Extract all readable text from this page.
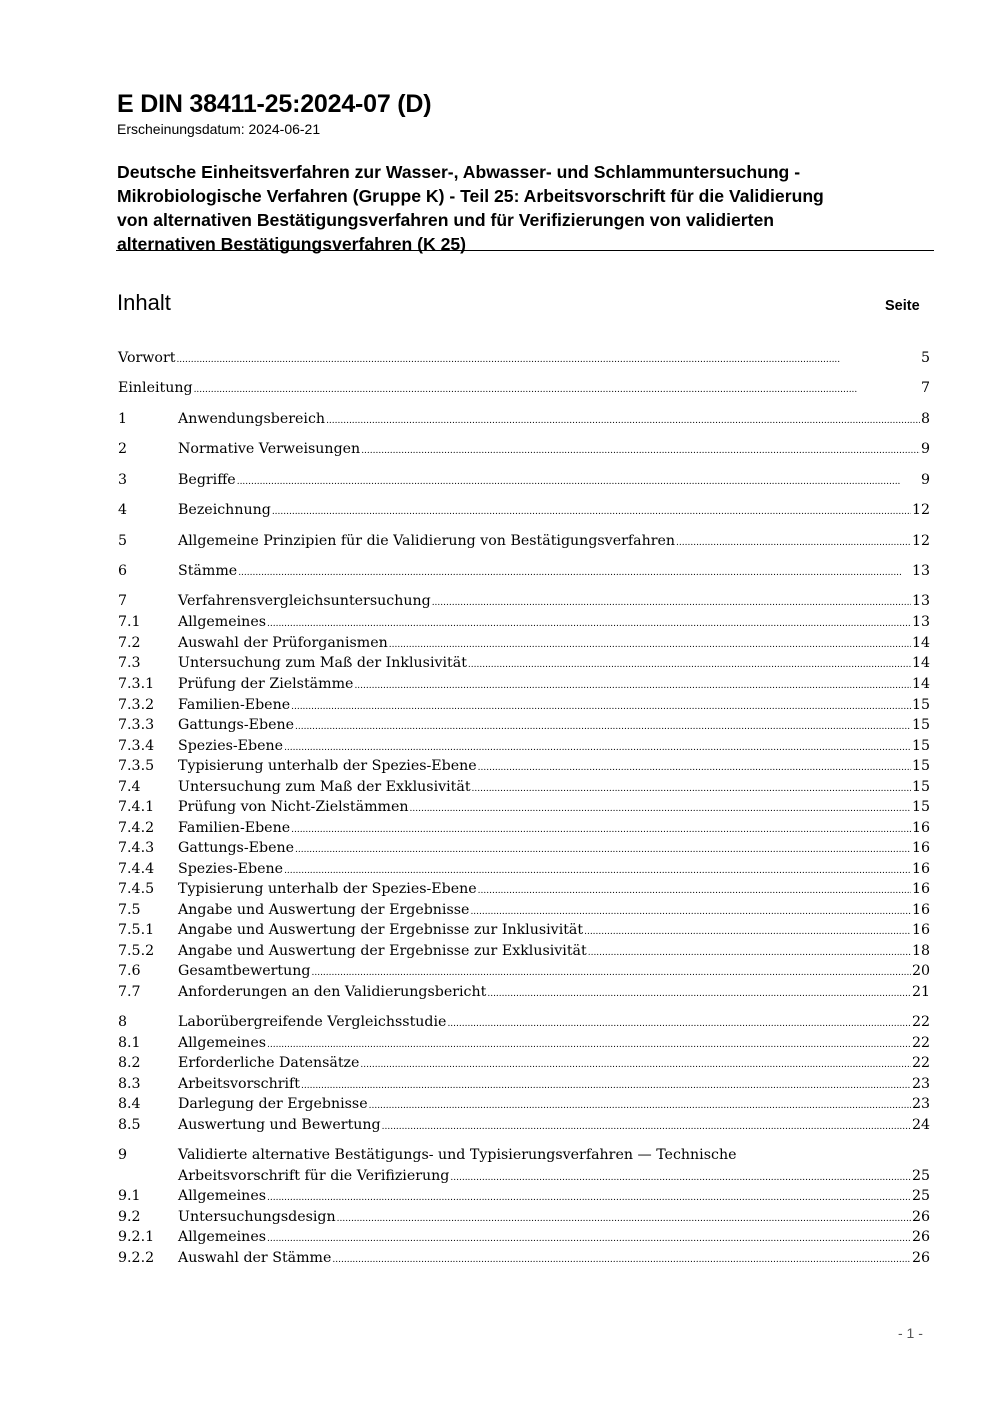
E DIN 38411-25:2024-07 (D)
Erscheinungsdatum: 2024-06-21
Deutsche Einheitsverfahren zur Wasser-, Abwasser- und Schlammuntersuchung -
Mikrobiologische Verfahren (Gruppe K) - Teil 25: Arbeitsvorschrift für die Validierung
von alternativen Bestätigungsverfahren und für Verifizierungen von validierten
alternativen Bestätigungsverfahren (K 25)
Inhalt	Seite
Vorwort .....	5
Einleitung .....	7
1	Anwendungsbereich .....	8
2	Normative Verweisungen .....	9
3	Begriffe .....	9
4	Bezeichnung .....	12
5	Allgemeine Prinzipien für die Validierung von Bestätigungsverfahren .....	12
6	Stämme .....	13
7	Verfahrensvergleichsuntersuchung .....	13
7.1	Allgemeines .....	13
7.2	Auswahl der Prüforganismen .....	14
7.3	Untersuchung zum Maß der Inklusivität .....	14
7.3.1	Prüfung der Zielstämme .....	14
7.3.2	Familien-Ebene .....	15
7.3.3	Gattungs-Ebene .....	15
7.3.4	Spezies-Ebene .....	15
7.3.5	Typisierung unterhalb der Spezies-Ebene .....	15
7.4	Untersuchung zum Maß der Exklusivität .....	15
7.4.1	Prüfung von Nicht-Zielstämmen .....	15
7.4.2	Familien-Ebene .....	16
7.4.3	Gattungs-Ebene .....	16
7.4.4	Spezies-Ebene .....	16
7.4.5	Typisierung unterhalb der Spezies-Ebene .....	16
7.5	Angabe und Auswertung der Ergebnisse .....	16
7.5.1	Angabe und Auswertung der Ergebnisse zur Inklusivität .....	16
7.5.2	Angabe und Auswertung der Ergebnisse zur Exklusivität .....	18
7.6	Gesamtbewertung .....	20
7.7	Anforderungen an den Validierungsbericht .....	21
8	Laborübergreifende Vergleichsstudie .....	22
8.1	Allgemeines .....	22
8.2	Erforderliche Datensätze .....	22
8.3	Arbeitsvorschrift .....	23
8.4	Darlegung der Ergebnisse .....	23
8.5	Auswertung und Bewertung .....	24
9	Validierte alternative Bestätigungs- und Typisierungsverfahren — Technische
Arbeitsvorschrift für die Verifizierung .....	25
9.1	Allgemeines .....	25
9.2	Untersuchungsdesign .....	26
9.2.1	Allgemeines .....	26
9.2.2	Auswahl der Stämme .....	26
- 1 -
